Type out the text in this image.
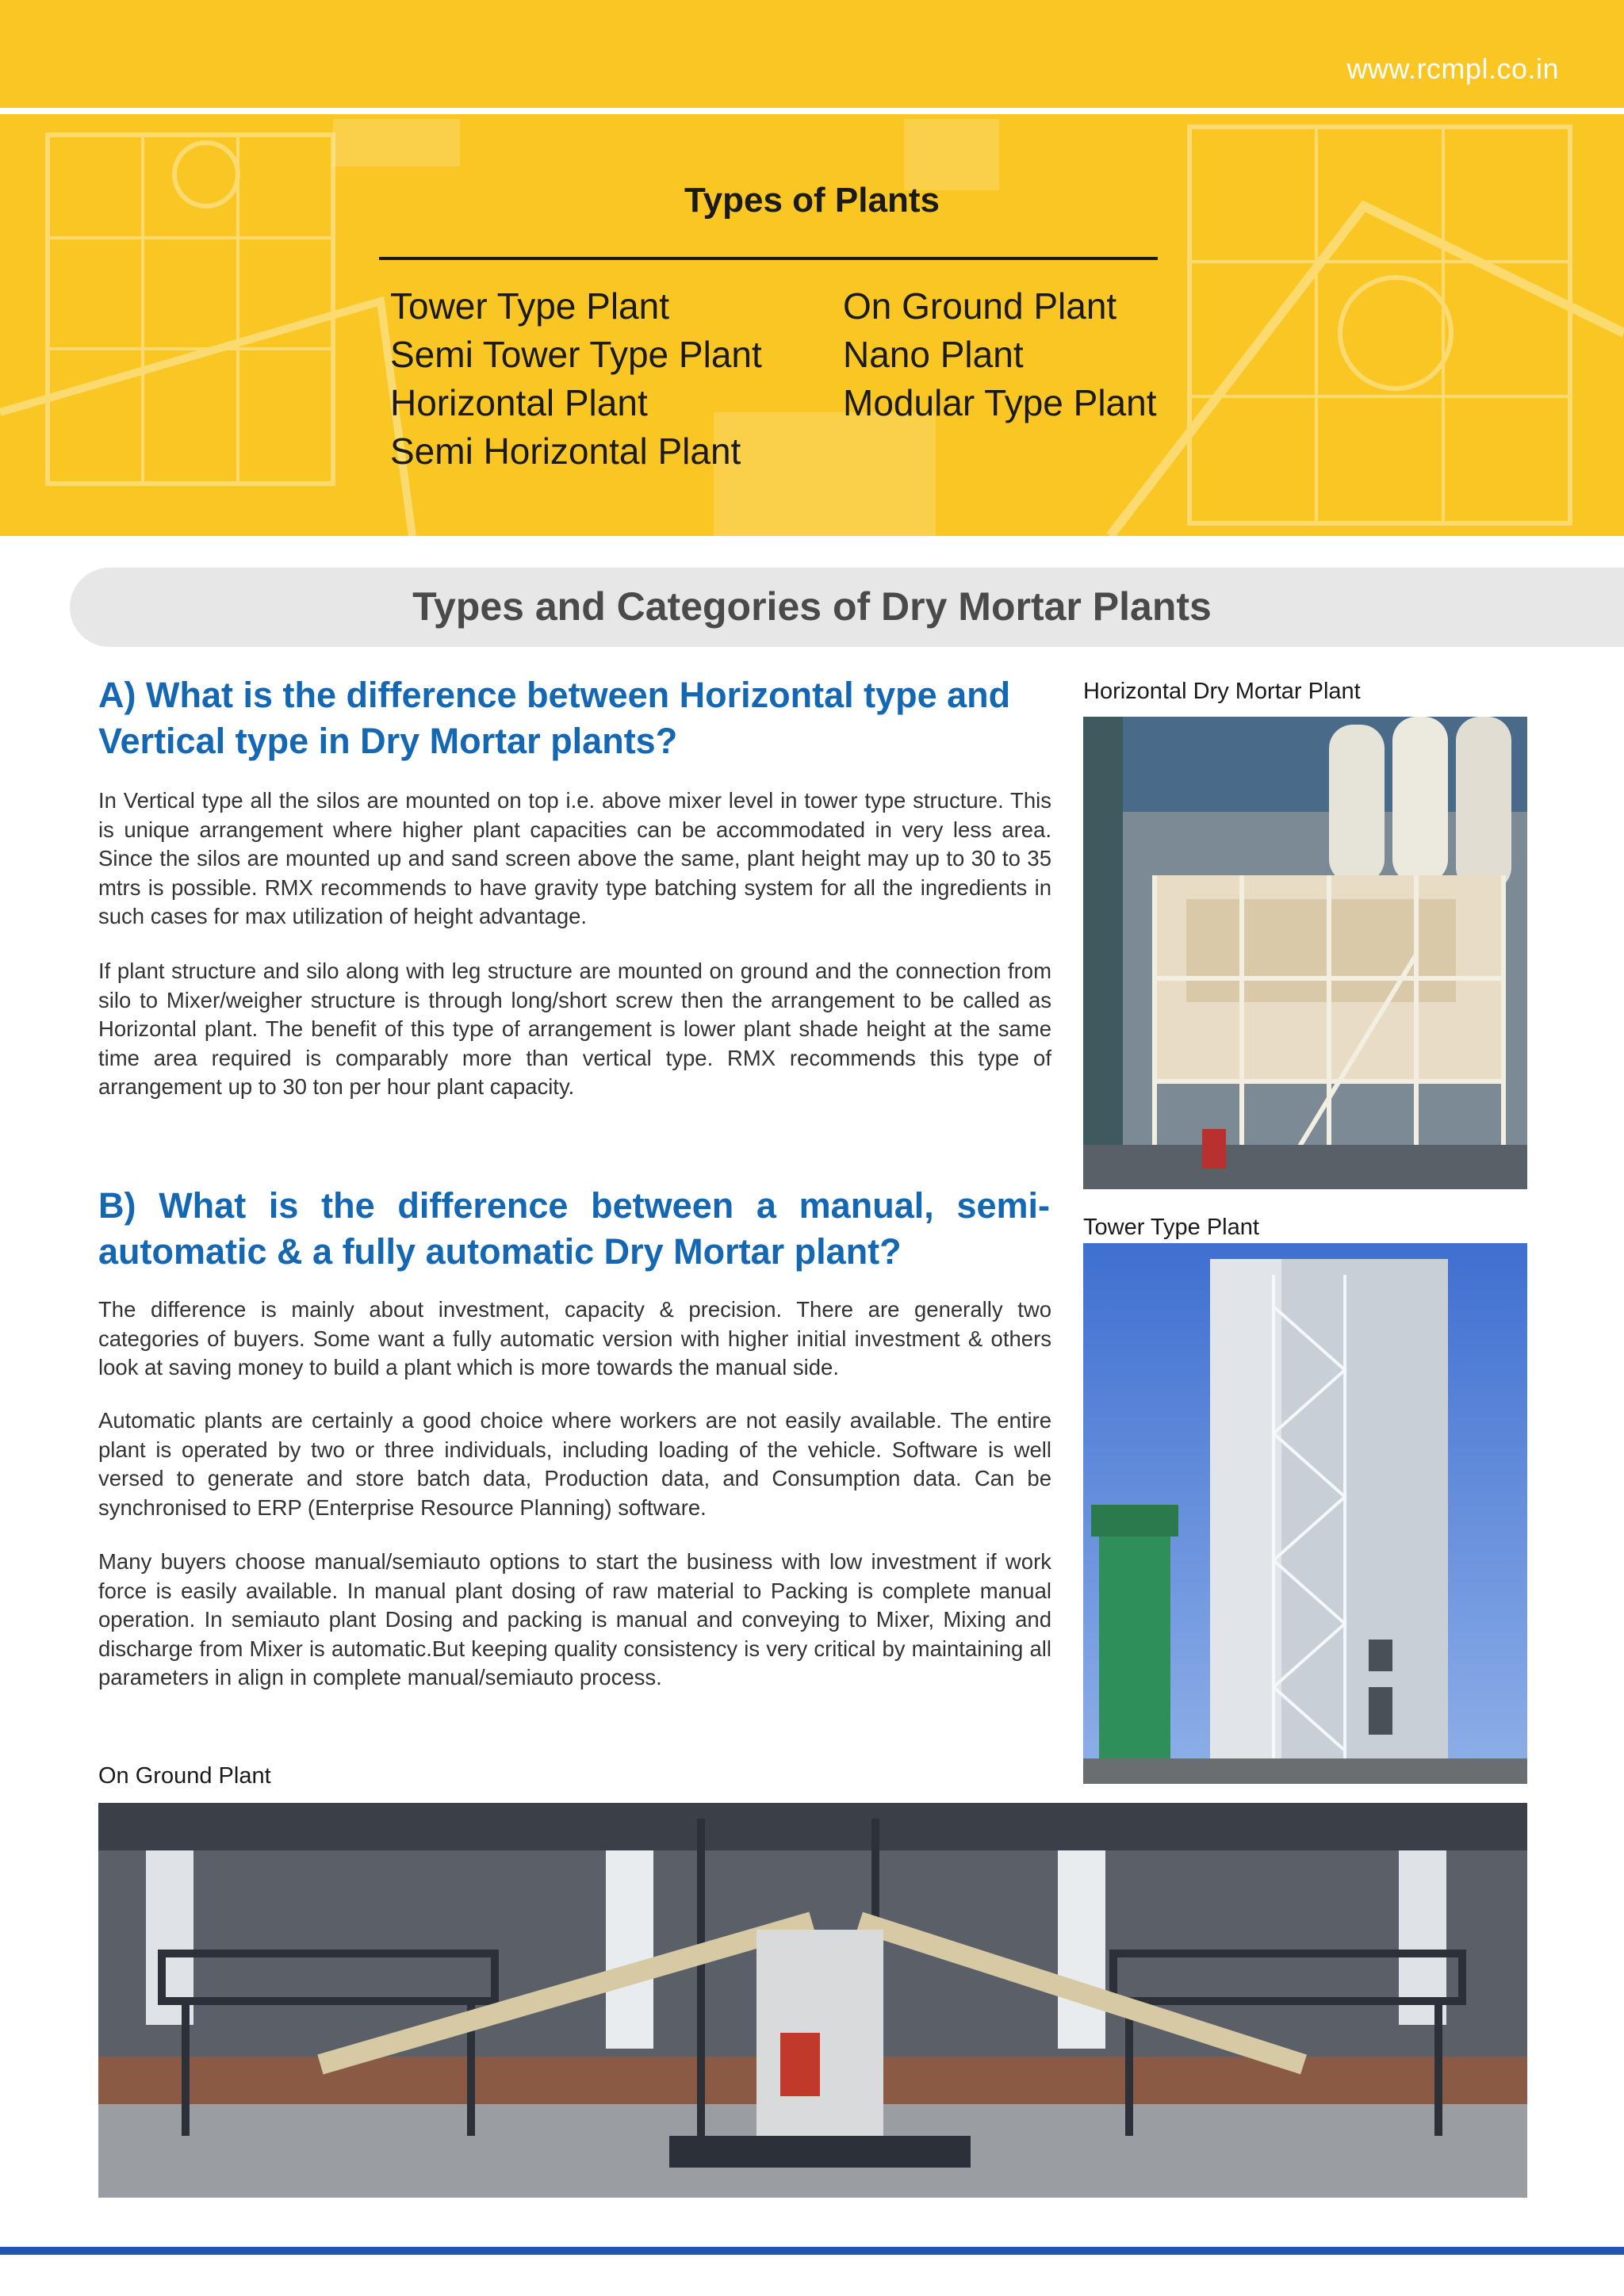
www.rcmpl.co.in
Types of Plants
Tower Type Plant
Semi Tower Type Plant
Horizontal Plant
Semi Horizontal Plant
On Ground Plant
Nano Plant
Modular Type Plant
Types and Categories of Dry Mortar Plants
A) What is the difference between Horizontal type and
Vertical type in Dry Mortar plants?

In Vertical type all the silos are mounted on top i.e. above mixer level in tower type structure. This is unique arrangement where higher plant capacities can be accommodated in very less area. Since the silos are mounted up and sand screen above the same, plant height may up to 30 to 35 mtrs is possible. RMX recommends to have gravity type batching system for all the ingredients in such cases for max utilization of height advantage.

If plant structure and silo along with leg structure are mounted on ground and the connection from silo to Mixer/weigher structure is through long/short screw then the arrangement to be called as Horizontal plant. The benefit of this type of arrangement is lower plant shade height at the same time area required is comparably more than vertical type. RMX recommends this type of arrangement up to 30 ton per hour plant capacity.

B) What is the difference between a manual, semi-
automatic & a fully automatic Dry Mortar plant?

The difference is mainly about investment, capacity & precision. There are generally two categories of buyers. Some want a fully automatic version with higher initial investment & others look at saving money to build a plant which is more towards the manual side.

Automatic plants are certainly a good choice where workers are not easily available. The entire plant is operated by two or three individuals, including loading of the vehicle. Software is well versed to generate and store batch data, Production data, and Consumption data. Can be synchronised to ERP (Enterprise Resource Planning) software.

Many buyers choose manual/semiauto options to start the business with low investment if work force is easily available. In manual plant dosing of raw material to Packing is complete manual operation. In semiauto plant Dosing and packing is manual and conveying to Mixer, Mixing and discharge from Mixer is automatic.But keeping quality consistency is very critical by maintaining all parameters in align in complete manual/semiauto process.

Horizontal Dry Mortar Plant
Tower Type Plant
On Ground Plant
